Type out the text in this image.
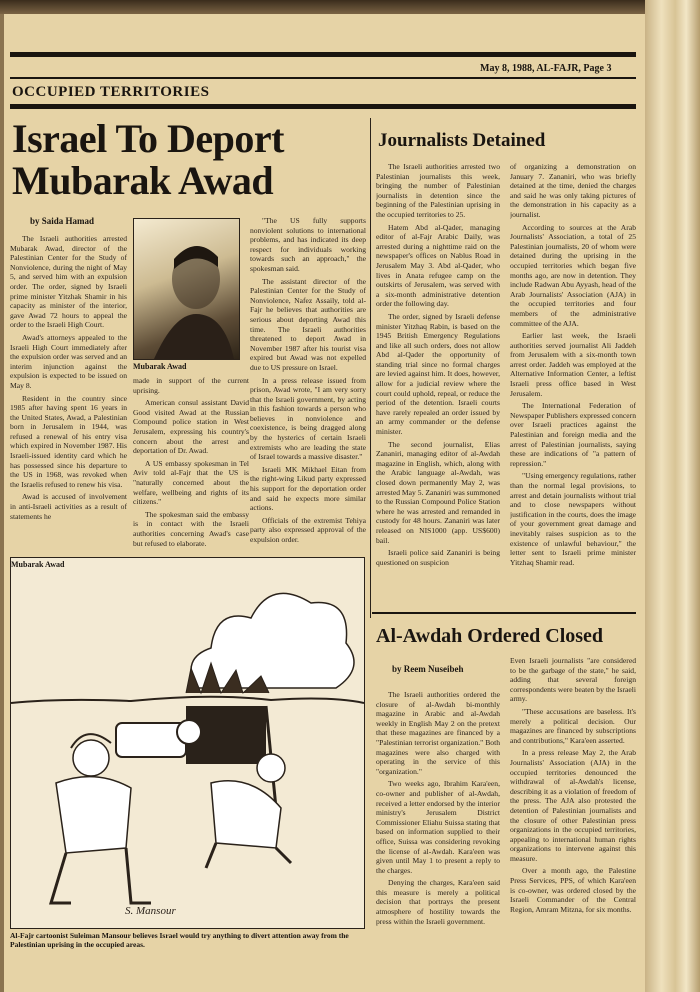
May 8, 1988, AL-FAJR, Page 3
OCCUPIED TERRITORIES
Israel To Deport Mubarak Awad
by Saida Hamad

The Israeli authorities arrested Mubarak Awad, director of the Palestinian Center for the Study of Nonviolence, during the night of May 5, and served him with an expulsion order. The order, signed by Israeli prime minister Yitzhak Shamir in his capacity as minister of the interior, gave Awad 72 hours to appeal the order to the Israeli High Court.

Awad's attorneys appealed to the Israeli High Court immediately after the expulsion order was served and an interim injunction against the expulsion is expected to be issued on May 8.

Resident in the country since 1985 after having spent 16 years in the United States, Awad, a Palestinian born in Jerusalem in 1944, was refused a renewal of his entry visa which expired in November 1987. His Israeli-issued identity card which he has possessed since his departure to the US in 1968, was revoked when the Israelis refused to renew his visa.

Awad is accused of involvement in anti-Israeli activities as a result of statements he

Mubarak Awad

made in support of the current uprising.

American consul assistant David Good visited Awad at the Russian Compound police station in West Jerusalem, expressing his country's concern about the arrest and deportation of Dr. Awad.

A US embassy spokesman in Tel Aviv told al-Fajr that the US is "naturally concerned about the welfare, wellbeing and rights of its citizens."

The spokesman said the embassy is in contact with the Israeli authorities concerning Awad's case but refused to elaborate.

"The US fully supports nonviolent solutions to international problems, and has indicated its deep respect for individuals working towards such an approach," the spokesman said.

The assistant director of the Palestinian Center for the Study of Nonviolence, Nafez Assaily, told al-Fajr he believes that authorities are serious about deporting Awad this time. The Israeli authorities threatened to deport Awad in November 1987 after his tourist visa expired but Awad was not expelled due to US pressure on Israel.

In a press release issued from prison, Awad wrote, "I am very sorry that the Israeli government, by acting in this fashion towards a person who believes in nonviolence and coexistence, is being dragged along by the hysterics of certain Israeli extremists who are leading the state of Israel towards a massive disaster."

Israeli MK Mikhael Eitan from the right-wing Likud party expressed his support for the deportation order and said he expects more similar actions.

Officials of the extremist Tehiya party also expressed approval of the expulsion order.

Mubarak Awad
S. Mansour
Al-Fajr cartoonist Suleiman Mansour believes Israel would try anything to divert attention away from the Palestinian uprising in the occupied areas.
Journalists Detained

The Israeli authorities arrested two Palestinian journalists this week, bringing the number of Palestinian journalists in detention since the beginning of the Palestinian uprising in the occupied territories to 25.

Hatem Abd al-Qader, managing editor of al-Fajr Arabic Daily, was arrested during a nighttime raid on the newspaper's offices on Nablus Road in Jerusalem May 3. Abd al-Qader, who lives in Anata refugee camp on the outskirts of Jerusalem, was served with a six-month administrative detention order the following day.

The order, signed by Israeli defense minister Yitzhaq Rabin, is based on the 1945 British Emergency Regulations and like all such orders, does not allow Abd al-Qader the opportunity of standing trial since no formal charges are levied against him. It does, however, allow for a judicial review where the court could uphold, repeal, or reduce the period of the detention. Israeli courts have rarely repealed an order issued by an army commander or the defense minister.

The second journalist, Elias Zananiri, managing editor of al-Awdah magazine in English, which, along with the Arabic language al-Awdah, was closed down permanently May 2, was arrested May 5. Zananiri was summoned to the Russian Compound Police Station where he was arrested and remanded in custody for 48 hours. Zananiri was later released on NIS1000 (app. US$600) bail.

Israeli police said Zananiri is being questioned on suspicion

of organizing a demonstration on January 7. Zananiri, who was briefly detained at the time, denied the charges and said he was only taking pictures of the demonstration in his capacity as a journalist.

According to sources at the Arab Journalists' Association, a total of 25 Palestinian journalists, 20 of whom were detained during the uprising in the occupied territories which began five months ago, are now in detention. They include Radwan Abu Ayyash, head of the Arab Journalists' Association (AJA) in the occupied territories and four members of the administrative committee of the AJA.

Earlier last week, the Israeli authorities served journalist Ali Jaddeh from Jerusalem with a six-month town arrest order. Jaddeh was employed at the Alternative Information Center, a leftist Israeli press office based in West Jerusalem.

The International Federation of Newspaper Publishers expressed concern over Israeli practices against the Palestinian and foreign media and the arrest of Palestinian journalists, saying these are indications of "a pattern of repression."

"Using emergency regulations, rather than the normal legal provisions, to arrest and detain journalists without trial and to close newspapers without justification in the courts, does the image of your government great damage and inevitably raises suspicion as to the existence of unlawful behaviour," the letter sent to Israeli prime minister Yitzhaq Shamir read.

Al-Awdah Ordered Closed
by Reem Nuseibeh

The Israeli authorities ordered the closure of al-Awdah bi-monthly magazine in Arabic and al-Awdah weekly in English May 2 on the pretext that these magazines are financed by a "Palestinian terrorist organization." Both magazines were also charged with operating in the service of this "organization."

Two weeks ago, Ibrahim Kara'een, co-owner and publisher of al-Awdah, received a letter endorsed by the interior ministry's Jerusalem District Commissioner Eliahu Suissa stating that based on information supplied to their office, Suissa was considering revoking the license of al-Awdah. Kara'een was given until May 1 to present a reply to the charges.

Denying the charges, Kara'een said this measure is merely a political decision that portrays the present atmosphere of hostility towards the press within the Israeli government.

Even Israeli journalists "are considered to be the garbage of the state," he said, adding that several foreign correspondents were beaten by the Israeli army.

"These accusations are baseless. It's merely a political decision. Our magazines are financed by subscriptions and contributions," Kara'een asserted.

In a press release May 2, the Arab Journalists' Association (AJA) in the occupied territories denounced the withdrawal of al-Awdah's license, describing it as a violation of freedom of the press. The AJA also protested the detention of Palestinian journalists and the closure of other Palestinian press organizations in the occupied territories, appealing to international human rights organizations to intervene against this measure.

Over a month ago, the Palestine Press Services, PPS, of which Kara'een is co-owner, was ordered closed by the Israeli Commander of the Central Region, Amram Mitzna, for six months.
